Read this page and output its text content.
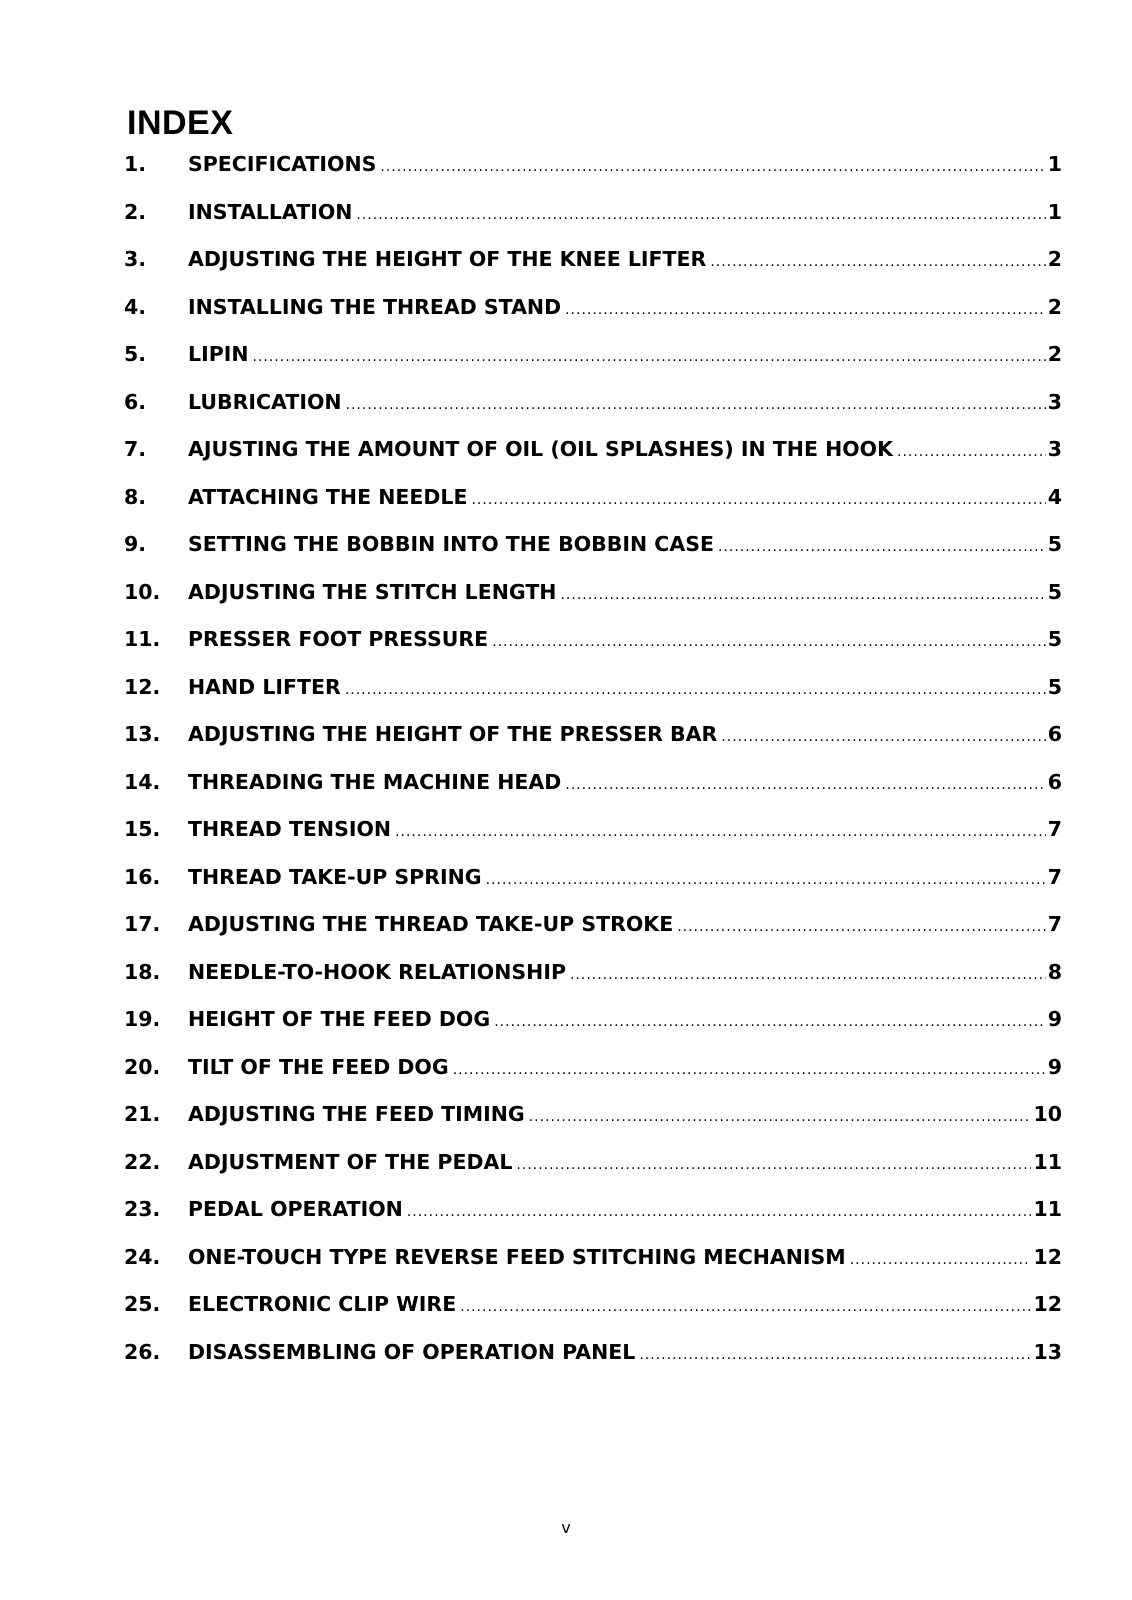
INDEX
1.	SPECIFICATIONS .....	1
2.	INSTALLATION .....	1
3.	ADJUSTING THE HEIGHT OF THE KNEE LIFTER .....	2
4.	INSTALLING THE THREAD STAND .....	2
5.	LIPIN .....	2
6.	LUBRICATION .....	3
7.	AJUSTING THE AMOUNT OF OIL (OIL SPLASHES) IN THE HOOK .....	3
8.	ATTACHING THE NEEDLE .....	4
9.	SETTING THE BOBBIN INTO THE BOBBIN CASE .....	5
10.	ADJUSTING THE STITCH LENGTH .....	5
11.	PRESSER FOOT PRESSURE .....	5
12.	HAND LIFTER .....	5
13.	ADJUSTING THE HEIGHT OF THE PRESSER BAR .....	6
14.	THREADING THE MACHINE HEAD .....	6
15.	THREAD TENSION .....	7
16.	THREAD TAKE-UP SPRING .....	7
17.	ADJUSTING THE THREAD TAKE-UP STROKE .....	7
18.	NEEDLE-TO-HOOK RELATIONSHIP .....	8
19.	HEIGHT OF THE FEED DOG .....	9
20.	TILT OF THE FEED DOG .....	9
21.	ADJUSTING THE FEED TIMING .....	10
22.	ADJUSTMENT OF THE PEDAL .....	11
23.	PEDAL OPERATION .....	11
24.	ONE-TOUCH TYPE REVERSE FEED STITCHING MECHANISM .....	12
25.	ELECTRONIC CLIP WIRE .....	12
26.	DISASSEMBLING OF OPERATION PANEL .....	13
v
